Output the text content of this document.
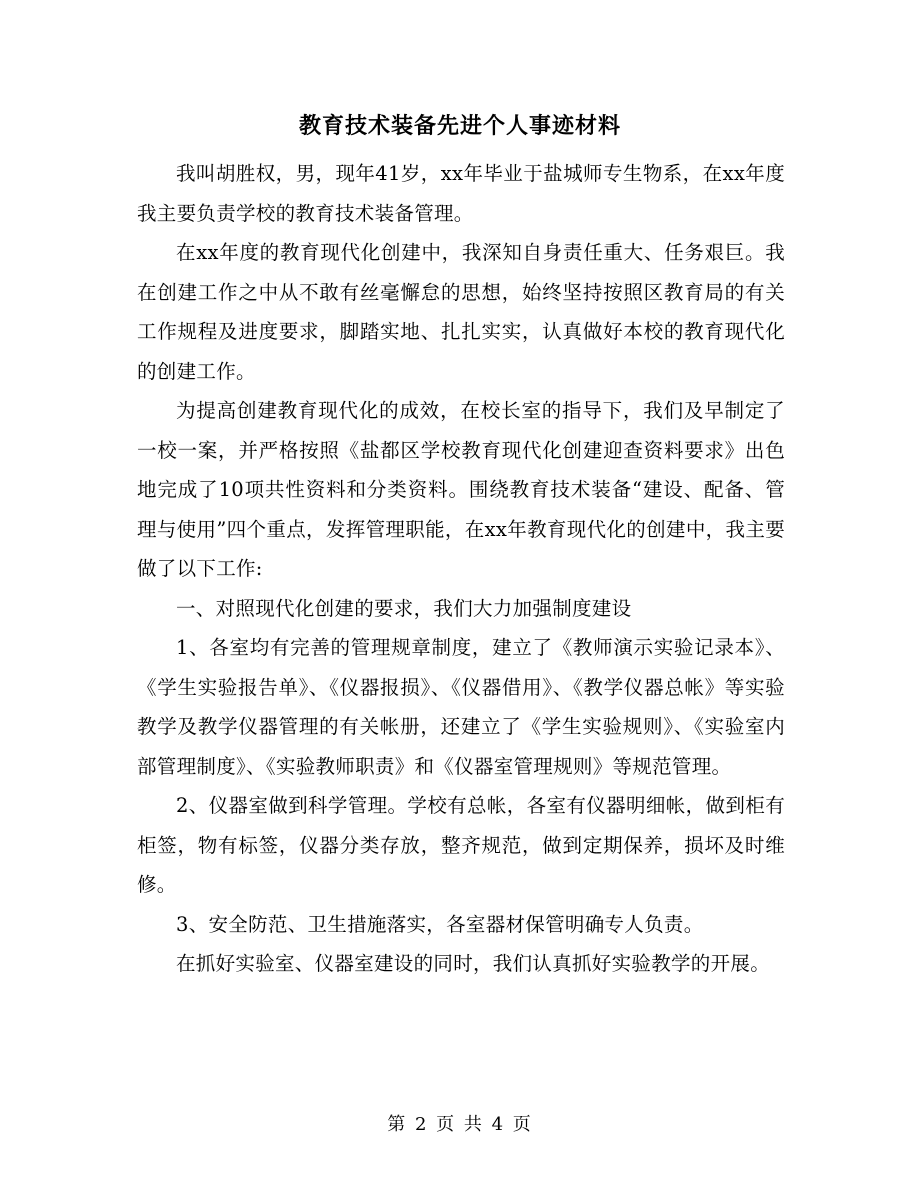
教育技术装备先进个人事迹材料

我叫胡胜权，男，现年41岁，xx年毕业于盐城师专生物系，在xx年度我主要负责学校的教育技术装备管理。

在xx年度的教育现代化创建中，我深知自身责任重大、任务艰巨。我在创建工作之中从不敢有丝毫懈怠的思想，始终坚持按照区教育局的有关工作规程及进度要求，脚踏实地、扎扎实实，认真做好本校的教育现代化的创建工作。

为提高创建教育现代化的成效，在校长室的指导下，我们及早制定了一校一案，并严格按照《盐都区学校教育现代化创建迎查资料要求》出色地完成了10项共性资料和分类资料。围绕教育技术装备“建设、配备、管理与使用”四个重点，发挥管理职能，在xx年教育现代化的创建中，我主要做了以下工作:

一、对照现代化创建的要求，我们大力加强制度建设

1、各室均有完善的管理规章制度，建立了《教师演示实验记录本》、《学生实验报告单》、《仪器报损》、《仪器借用》、《教学仪器总帐》等实验教学及教学仪器管理的有关帐册，还建立了《学生实验规则》、《实验室内部管理制度》、《实验教师职责》和《仪器室管理规则》等规范管理。

2、仪器室做到科学管理。学校有总帐，各室有仪器明细帐，做到柜有柜签，物有标签，仪器分类存放，整齐规范，做到定期保养，损坏及时维修。

3、安全防范、卫生措施落实，各室器材保管明确专人负责。

在抓好实验室、仪器室建设的同时，我们认真抓好实验教学的开展。

第 2 页 共 4 页
